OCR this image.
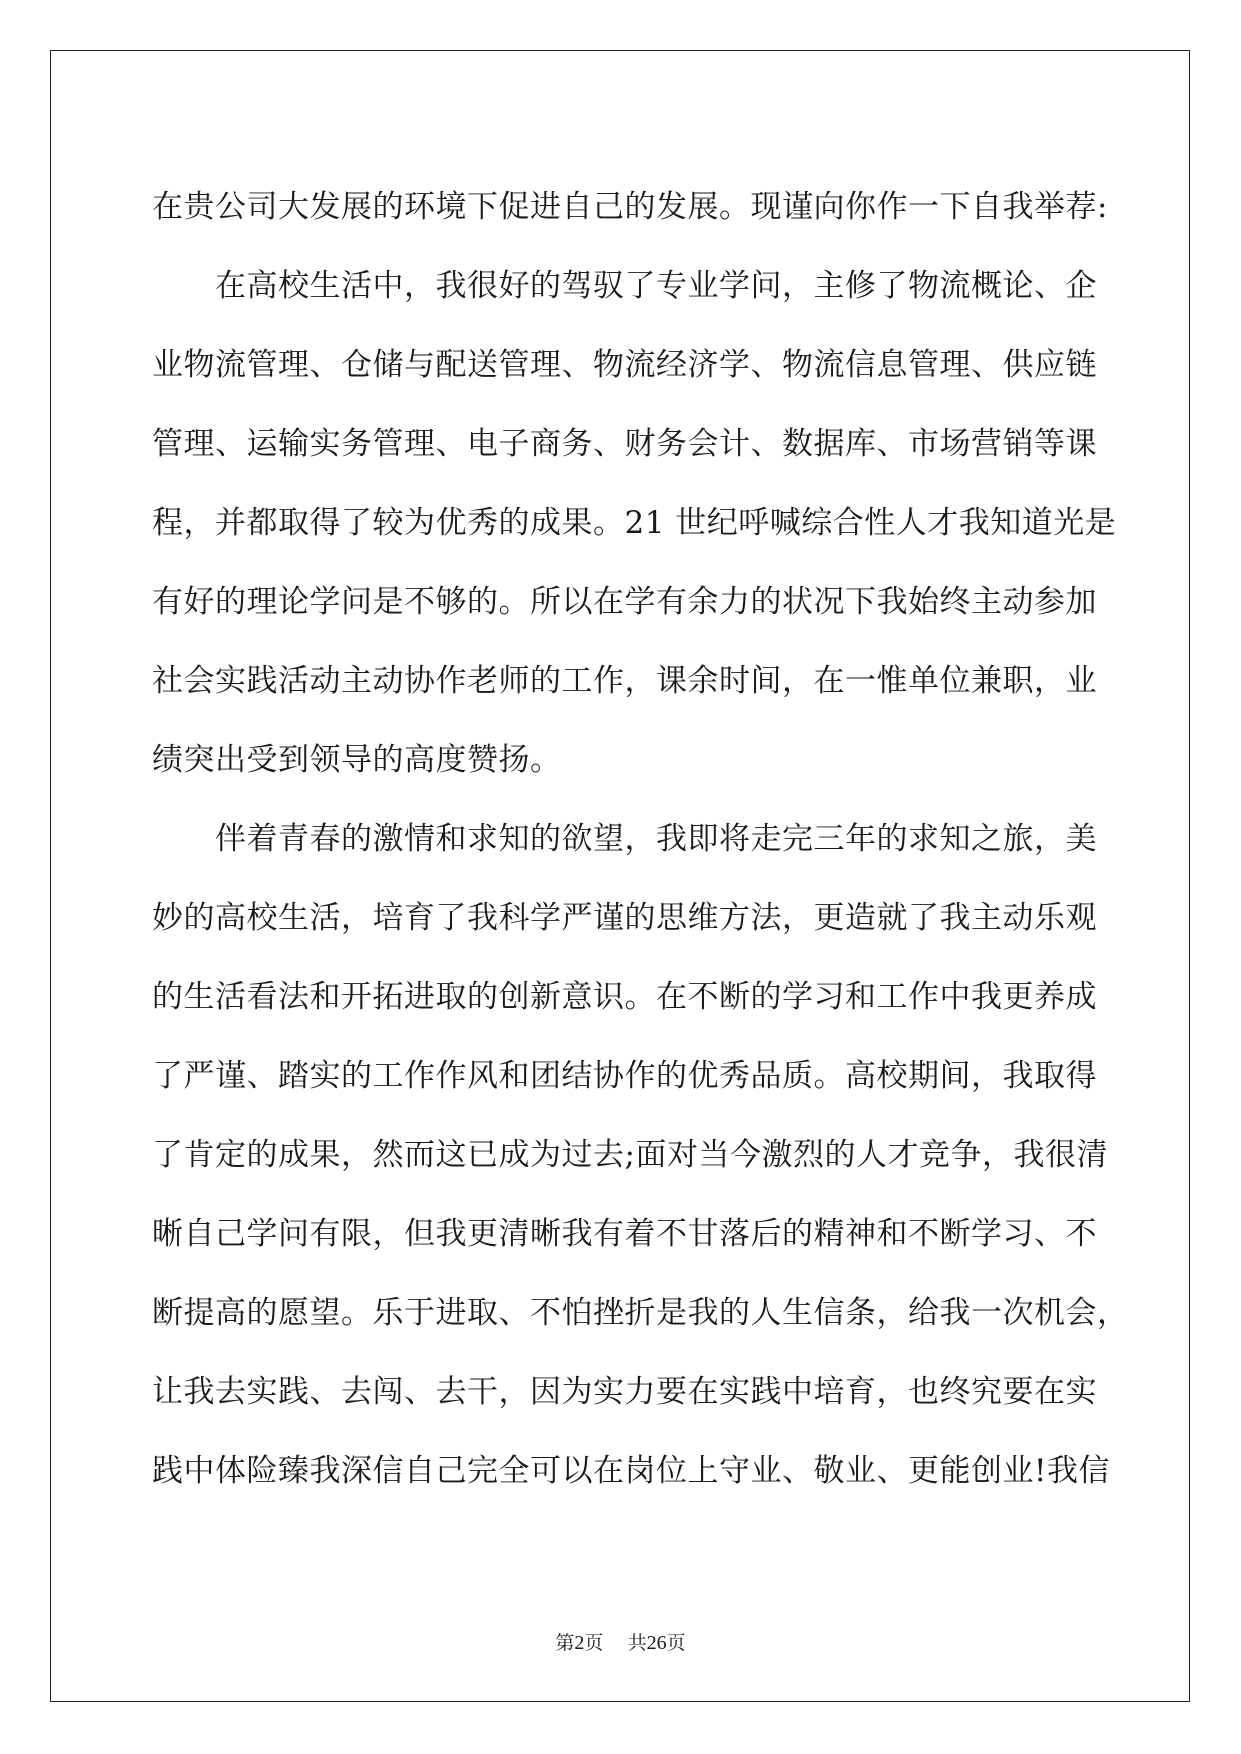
在贵公司大发展的环境下促进自己的发展。现谨向你作一下自我举荐:
在高校生活中，我很好的驾驭了专业学问，主修了物流概论、企
业物流管理、仓储与配送管理、物流经济学、物流信息管理、供应链
管理、运输实务管理、电子商务、财务会计、数据库、市场营销等课
程，并都取得了较为优秀的成果。21 世纪呼喊综合性人才我知道光是
有好的理论学问是不够的。所以在学有余力的状况下我始终主动参加
社会实践活动主动协作老师的工作，课余时间，在一惟单位兼职，业
绩突出受到领导的高度赞扬。
伴着青春的激情和求知的欲望，我即将走完三年的求知之旅，美
妙的高校生活，培育了我科学严谨的思维方法，更造就了我主动乐观
的生活看法和开拓进取的创新意识。在不断的学习和工作中我更养成
了严谨、踏实的工作作风和团结协作的优秀品质。高校期间，我取得
了肯定的成果，然而这已成为过去;面对当今激烈的人才竞争，我很清
晰自己学问有限，但我更清晰我有着不甘落后的精神和不断学习、不
断提高的愿望。乐于进取、不怕挫折是我的人生信条，给我一次机会，
让我去实践、去闯、去干，因为实力要在实践中培育，也终究要在实
践中体险臻我深信自己完全可以在岗位上守业、敬业、更能创业!我信
第2页 共26页
